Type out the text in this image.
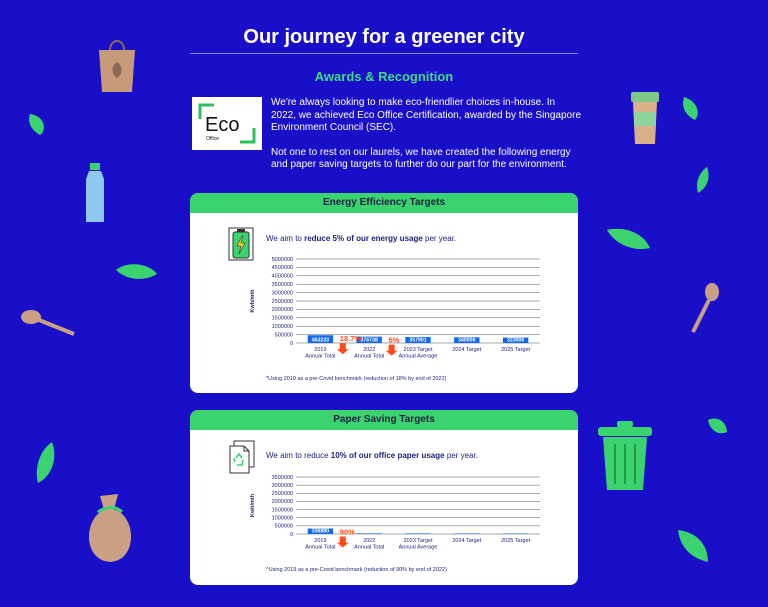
Our journey for a greener city
Awards & Recognition
Eco
Office

We're always looking to make eco-friendlier choices in-house. In 2022, we achieved Eco Office Certification, awarded by the Singapore Environment Council (SEC).

Not one to rest on our laurels, we have created the following energy and paper saving targets to further do our part for the environment.

Energy Efficiency Targets
We aim to reduce 5% of our energy usage per year.
Kwh/mth
0
500000
1000000
1500000
2000000
2500000
3000000
3500000
4000000
4500000
5000000
463233
2019
Annual Total
376738
2022
Annual Total
357901
2023 Target
Annual Average
340006
2024 Target
323006
2025 Target
18.7%	5%
*Using 2019 as a pre-Covid benchmark (reduction of 18% by end of 2022)
Paper Saving Targets
We aim to reduce 10% of our office paper usage per year.
Kwh/mth
0
500000
1000000
1500000
2000000
2500000
3000000
3500000
336880
2019
Annual Total
38084
2022
Annual Total
34276
2023 Target
Annual Average
30848
2024 Target
27763
2025 Target
90%
^Using 2019 as a pre-Covid benchmark (reduction of 90% by end of 2022)
